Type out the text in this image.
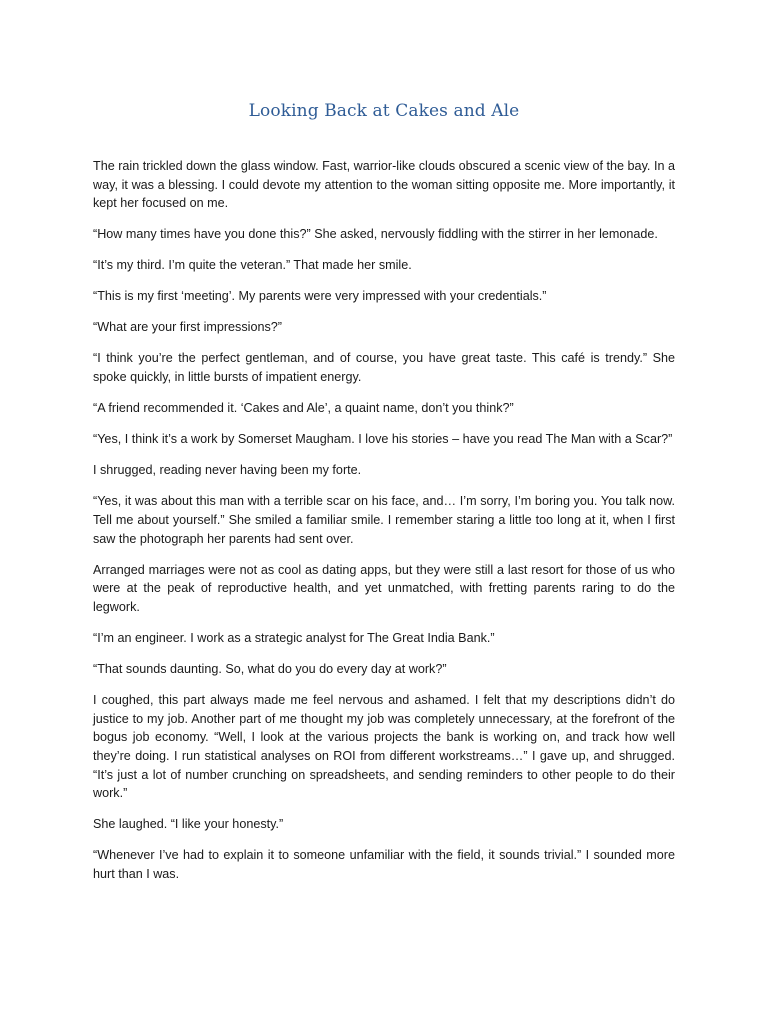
Looking Back at Cakes and Ale

The rain trickled down the glass window. Fast, warrior-like clouds obscured a scenic view of the bay. In a way, it was a blessing. I could devote my attention to the woman sitting opposite me. More importantly, it kept her focused on me.

“How many times have you done this?” She asked, nervously fiddling with the stirrer in her lemonade.

“It’s my third. I’m quite the veteran.” That made her smile.

“This is my first ‘meeting’. My parents were very impressed with your credentials.”

“What are your first impressions?”

“I think you’re the perfect gentleman, and of course, you have great taste. This café is trendy.” She spoke quickly, in little bursts of impatient energy.

“A friend recommended it. ‘Cakes and Ale’, a quaint name, don’t you think?”

“Yes, I think it’s a work by Somerset Maugham. I love his stories – have you read The Man with a Scar?”

I shrugged, reading never having been my forte.

“Yes, it was about this man with a terrible scar on his face, and… I’m sorry, I’m boring you. You talk now. Tell me about yourself.” She smiled a familiar smile. I remember staring a little too long at it, when I first saw the photograph her parents had sent over.

Arranged marriages were not as cool as dating apps, but they were still a last resort for those of us who were at the peak of reproductive health, and yet unmatched, with fretting parents raring to do the legwork.

“I’m an engineer. I work as a strategic analyst for The Great India Bank.”

“That sounds daunting. So, what do you do every day at work?”

I coughed, this part always made me feel nervous and ashamed. I felt that my descriptions didn’t do justice to my job. Another part of me thought my job was completely unnecessary, at the forefront of the bogus job economy. “Well, I look at the various projects the bank is working on, and track how well they’re doing. I run statistical analyses on ROI from different workstreams…” I gave up, and shrugged. “It’s just a lot of number crunching on spreadsheets, and sending reminders to other people to do their work.”

She laughed. “I like your honesty.”

“Whenever I’ve had to explain it to someone unfamiliar with the field, it sounds trivial.” I sounded more hurt than I was.
